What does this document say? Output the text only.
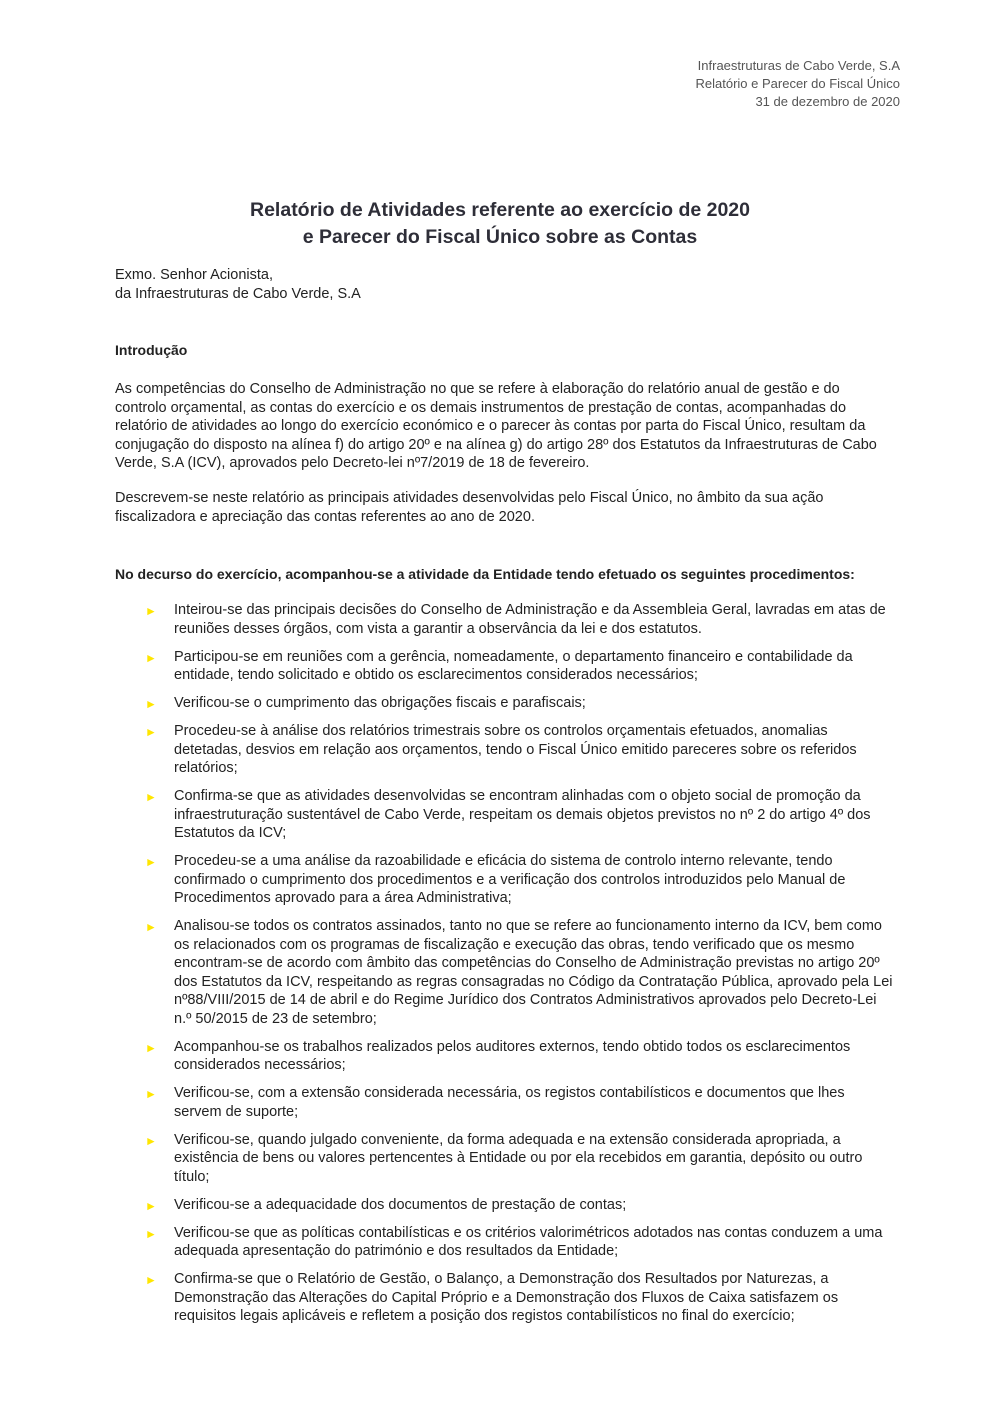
Infraestruturas de Cabo Verde, S.A
Relatório e Parecer do Fiscal Único
31 de dezembro de 2020
Relatório de Atividades referente ao exercício de 2020
e Parecer do Fiscal Único sobre as Contas
Exmo. Senhor Acionista,
da Infraestruturas de Cabo Verde, S.A
Introdução
As competências do Conselho de Administração no que se refere à elaboração do relatório anual de gestão e do controlo orçamental, as contas do exercício e os demais instrumentos de prestação de contas, acompanhadas do relatório de atividades ao longo do exercício económico e o parecer às contas por parta do Fiscal Único, resultam da conjugação do disposto na alínea f) do artigo 20º e na alínea g) do artigo 28º dos Estatutos da Infraestruturas de Cabo Verde, S.A (ICV), aprovados pelo Decreto-lei nº7/2019 de 18 de fevereiro.
Descrevem-se neste relatório as principais atividades desenvolvidas pelo Fiscal Único, no âmbito da sua ação fiscalizadora e apreciação das contas referentes ao ano de 2020.
No decurso do exercício, acompanhou-se a atividade da Entidade tendo efetuado os seguintes procedimentos:
► Inteirou-se das principais decisões do Conselho de Administração e da Assembleia Geral, lavradas em atas de reuniões desses órgãos, com vista a garantir a observância da lei e dos estatutos.
► Participou-se em reuniões com a gerência, nomeadamente, o departamento financeiro e contabilidade da entidade, tendo solicitado e obtido os esclarecimentos considerados necessários;
► Verificou-se o cumprimento das obrigações fiscais e parafiscais;
► Procedeu-se à análise dos relatórios trimestrais sobre os controlos orçamentais efetuados, anomalias detetadas, desvios em relação aos orçamentos, tendo o Fiscal Único emitido pareceres sobre os referidos relatórios;
► Confirma-se que as atividades desenvolvidas se encontram alinhadas com o objeto social de promoção da infraestruturação sustentável de Cabo Verde, respeitam os demais objetos previstos no nº 2 do artigo 4º dos Estatutos da ICV;
► Procedeu-se a uma análise da razoabilidade e eficácia do sistema de controlo interno relevante, tendo confirmado o cumprimento dos procedimentos e a verificação dos controlos introduzidos pelo Manual de Procedimentos aprovado para a área Administrativa;
► Analisou-se todos os contratos assinados, tanto no que se refere ao funcionamento interno da ICV, bem como os relacionados com os programas de fiscalização e execução das obras, tendo verificado que os mesmo encontram-se de acordo com âmbito das competências do Conselho de Administração previstas no artigo 20º dos Estatutos da ICV, respeitando as regras consagradas no Código da Contratação Pública, aprovado pela Lei nº88/VIII/2015 de 14 de abril e do Regime Jurídico dos Contratos Administrativos aprovados pelo Decreto-Lei n.º 50/2015 de 23 de setembro;
► Acompanhou-se os trabalhos realizados pelos auditores externos, tendo obtido todos os esclarecimentos considerados necessários;
► Verificou-se, com a extensão considerada necessária, os registos contabilísticos e documentos que lhes servem de suporte;
► Verificou-se, quando julgado conveniente, da forma adequada e na extensão considerada apropriada, a existência de bens ou valores pertencentes à Entidade ou por ela recebidos em garantia, depósito ou outro título;
► Verificou-se a adequacidade dos documentos de prestação de contas;
► Verificou-se que as políticas contabilísticas e os critérios valorimétricos adotados nas contas conduzem a uma adequada apresentação do património e dos resultados da Entidade;
► Confirma-se que o Relatório de Gestão, o Balanço, a Demonstração dos Resultados por Naturezas, a Demonstração das Alterações do Capital Próprio e a Demonstração dos Fluxos de Caixa satisfazem os requisitos legais aplicáveis e refletem a posição dos registos contabilísticos no final do exercício;
